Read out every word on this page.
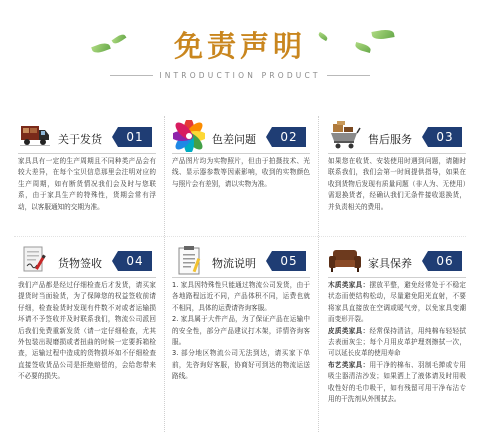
免责声明
INTRODUCTION PRODUCT
关于发货	01
家具具有一定的生产周期且不同种类产品会有较大差异，在每个宝贝信息那里会注明对应的生产周期，如有断货情况我们会及时与您联系，由于家具生产的特殊性，货期会常有浮动，以客服通知的交期为准。
色差问题	02
产品图片均为实物照片，但由于拍摄技术、光线、显示器参数等因素影响，收到的实物颜色与照片会有差别，请以实物为准。
售后服务	03
如果您在收货、安装使用时遇到问题，请随时联系我们，我们会第一时间提供指导，如果在收到货物后发现有质量问题（非人为、无使用）需退换货者，经确认我们无条件接收退换货，并负责相关的费用。
货物签收	04
我们产品都是经过仔细检查后才发货，请买家提货时当面验货，为了保障您的权益签收前请仔细，检查验货时发现有件数不对或者运输损坏请不予签收并及时联系我们，物流公司派回后我们免费重新发货（请一定仔细检查，尤其外包装出现磨损或者扭曲的时候一定要拆箱检查，运输过程中造成的货物损坏如不仔细检查直接签收货品公司是拒绝赔偿的，会给您带来不必要的损失。
物流说明	05
1. 家具因特殊性只能通过物流公司发货，由于各地路程远近不同，产品体积不同，运费也就不相同，具体的运费请咨询客服。
2. 家具属于大件产品，为了保证产品在运输中的安全性，部分产品建议打木架，详情咨询客服。
3. 部分地区物流公司无法到达，请买家下单前，先咨询好客服，协商好可到达的物流运送路线。
家具保养	06
木质类家具：摆放平整，避免经常处于不稳定状态而使结构松动，尽量避免阳光直射，不要将家具直接放在空调或暖气旁，以免家具变潮而变形开裂。
皮质类家具：经常保持清洁，用纯棉布轻轻拭去表面灰尘；每个月用皮革护理剂擦拭一次，可以延长皮革的使用寿命
布艺类家具：用干净的棉布、羽制毛掸或专用吸尘器清洁沙发；如果洒上了液体请及时用吸收性好的毛巾吸干，如有残留可用干净布沾专用的干洗剂从外围拭去。
